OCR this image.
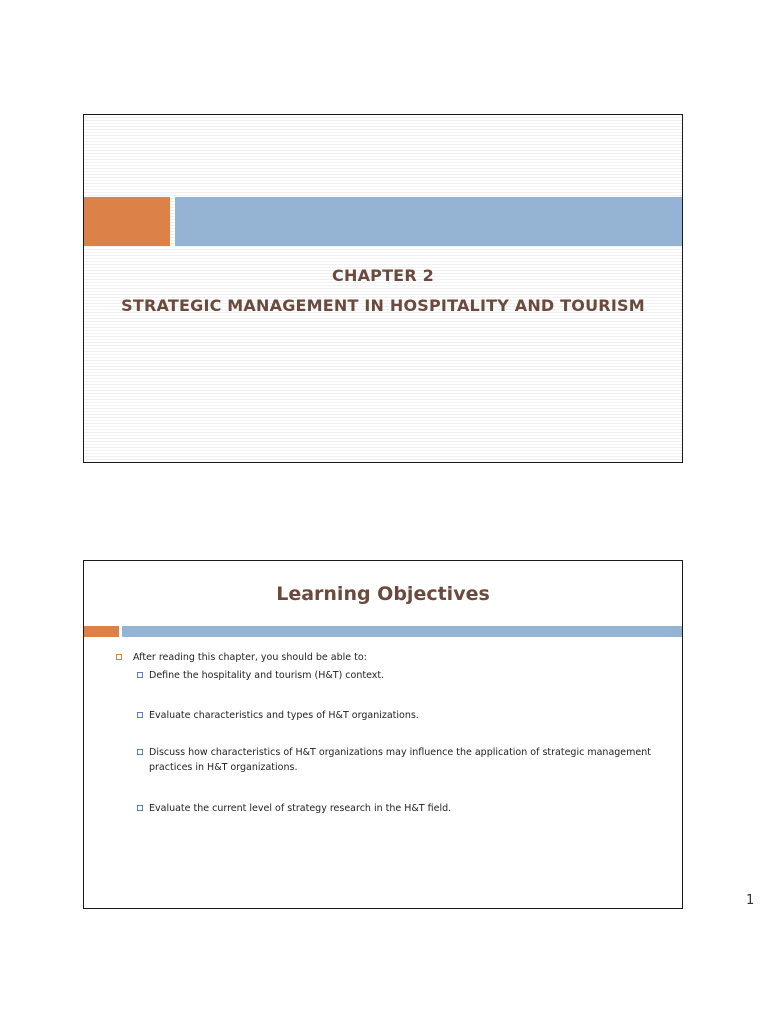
CHAPTER 2
STRATEGIC MANAGEMENT IN HOSPITALITY AND TOURISM
Learning Objectives
After reading this chapter, you should be able to:
Define the hospitality and tourism (H&T) context.
Evaluate characteristics and types of H&T organizations.
Discuss how characteristics of H&T organizations may influence the application of strategic management practices in H&T organizations.
Evaluate the current level of strategy research in the H&T field.
1
